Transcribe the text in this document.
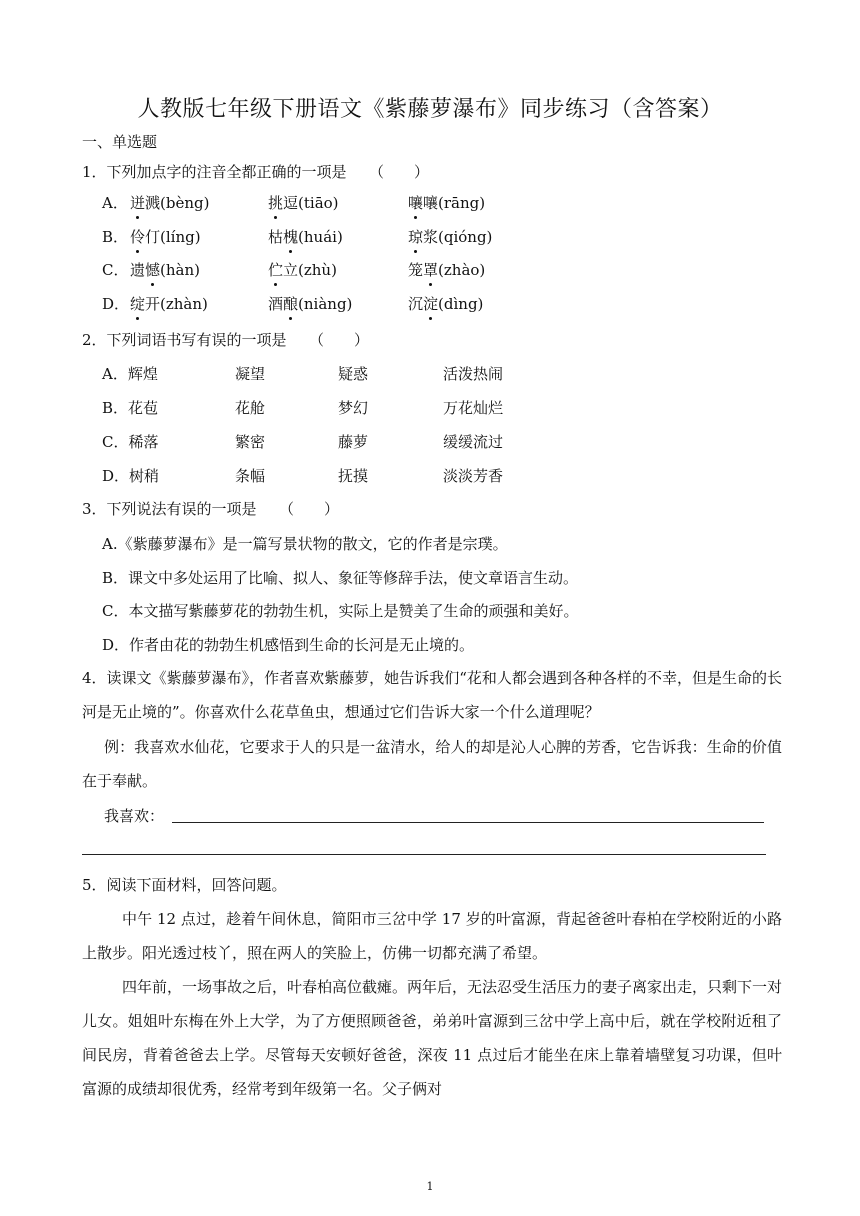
人教版七年级下册语文《紫藤萝瀑布》同步练习（含答案）
一、单选题
1．下列加点字的注音全都正确的一项是　　（　　）
A． 迸溅(bèng)	挑逗(tiāo)	嚷嚷(rāng)
B． 伶仃(líng)	枯槐(huái)	琼浆(qióng)
C． 遗憾(hàn)	伫立(zhù)	笼罩(zhào)
D． 绽开(zhàn)	酒酿(niàng)	沉淀(dìng)
2．下列词语书写有误的一项是　　（　　）
A．辉煌	凝望	疑惑	活泼热闹
B．花苞	花舱	梦幻	万花灿烂
C．稀落	繁密	藤萝	缓缓流过
D．树稍	条幅	抚摸	淡淡芳香
3．下列说法有误的一项是　　（　　）
A.《紫藤萝瀑布》是一篇写景状物的散文，它的作者是宗璞。
B．课文中多处运用了比喻、拟人、象征等修辞手法，使文章语言生动。
C．本文描写紫藤萝花的勃勃生机，实际上是赞美了生命的顽强和美好。
D．作者由花的勃勃生机感悟到生命的长河是无止境的。
4．读课文《紫藤萝瀑布》，作者喜欢紫藤萝，她告诉我们“花和人都会遇到各种各样的不幸，但是生命的长河是无止境的”。你喜欢什么花草鱼虫，想通过它们告诉大家一个什么道理呢？
例：我喜欢水仙花，它要求于人的只是一盆清水，给人的却是沁人心脾的芳香，它告诉我：生命的价值在于奉献。
我喜欢：
5．阅读下面材料，回答问题。
中午 12 点过，趁着午间休息，简阳市三岔中学 17 岁的叶富源，背起爸爸叶春柏在学校附近的小路上散步。阳光透过枝丫，照在两人的笑脸上，仿佛一切都充满了希望。
四年前，一场事故之后，叶春柏高位截瘫。两年后，无法忍受生活压力的妻子离家出走，只剩下一对儿女。姐姐叶东梅在外上大学，为了方便照顾爸爸，弟弟叶富源到三岔中学上高中后，就在学校附近租了间民房，背着爸爸去上学。尽管每天安顿好爸爸，深夜 11 点过后才能坐在床上靠着墙壁复习功课，但叶富源的成绩却很优秀，经常考到年级第一名。父子俩对
1
